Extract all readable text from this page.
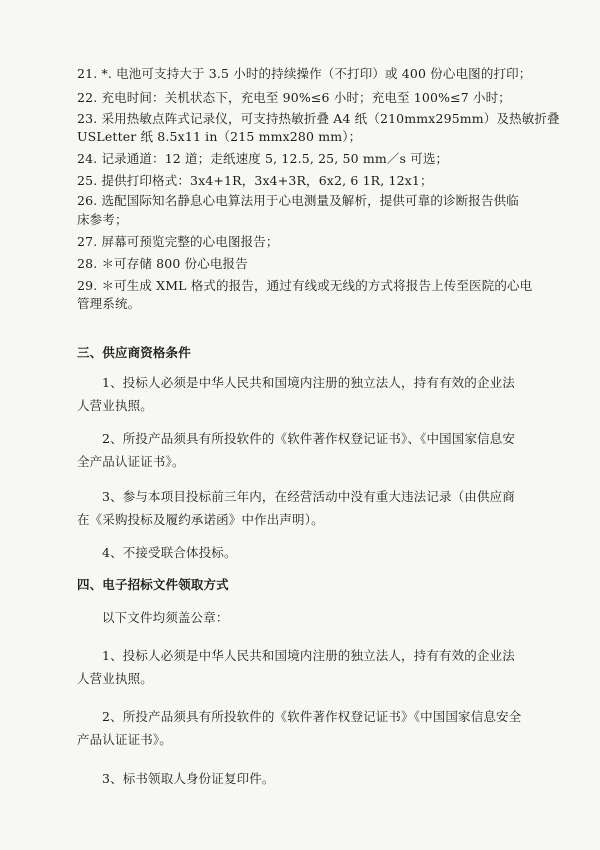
21. *. 电池可支持大于 3.5 小时的持续操作（不打印）或 400 份心电图的打印；
22. 充电时间：关机状态下，充电至 90%≤6 小时；充电至 100%≤7 小时；
23. 采用热敏点阵式记录仪，可支持热敏折叠 A4 纸（210mmx295mm）及热敏折叠
USLetter 纸 8.5x11 in（215 mmx280 mm）；
24. 记录通道：12 道；走纸速度 5, 12.5, 25, 50 mm／s 可选；
25. 提供打印格式：3x4+1R，3x4+3R，6x2, 6 1R, 12x1；
26. 选配国际知名静息心电算法用于心电测量及解析，提供可靠的诊断报告供临
床参考；
27. 屏幕可预览完整的心电图报告；
28. ＊可存储 800 份心电报告
29. ＊可生成 XML 格式的报告，通过有线或无线的方式将报告上传至医院的心电
管理系统。
三、供应商资格条件
1、投标人必须是中华人民共和国境内注册的独立法人，持有有效的企业法
人营业执照。
2、所投产品须具有所投软件的《软件著作权登记证书》、《中国国家信息安
全产品认证证书》。
3、参与本项目投标前三年内，在经营活动中没有重大违法记录（由供应商
在《采购投标及履约承诺函》中作出声明）。
4、不接受联合体投标。
四、电子招标文件领取方式
以下文件均须盖公章：
1、投标人必须是中华人民共和国境内注册的独立法人，持有有效的企业法
人营业执照。
2、所投产品须具有所投软件的《软件著作权登记证书》《中国国家信息安全
产品认证证书》。
3、标书领取人身份证复印件。
